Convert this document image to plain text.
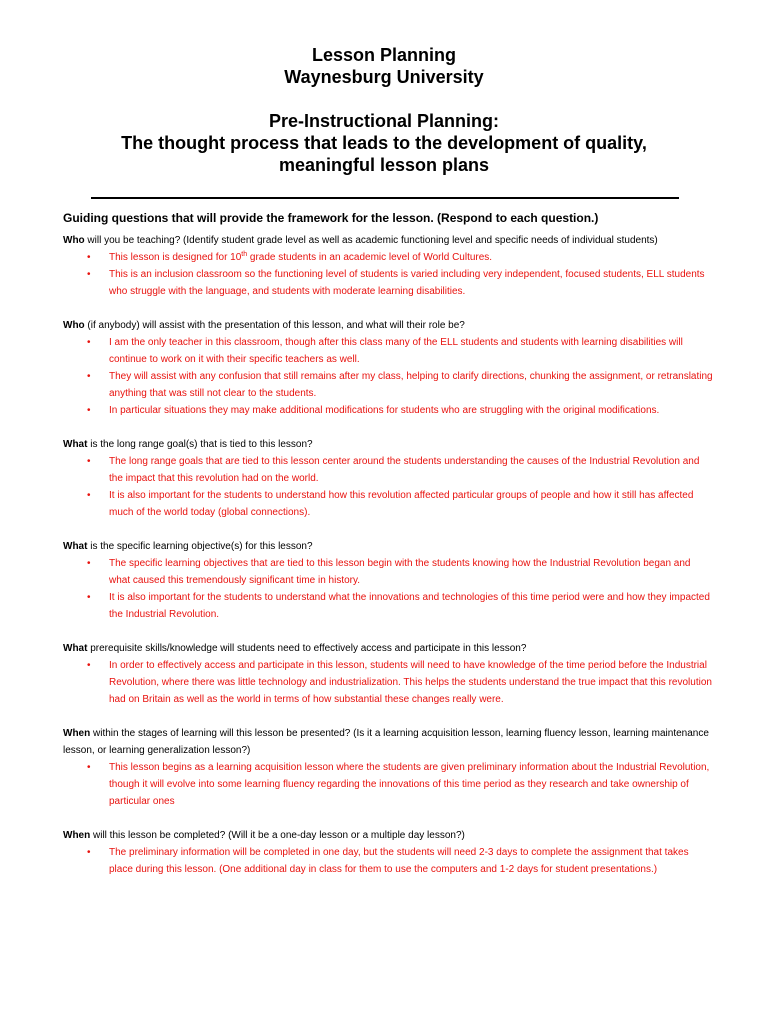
Lesson Planning
Waynesburg University
Pre-Instructional Planning:
The thought process that leads to the development of quality,
meaningful lesson plans
Guiding questions that will provide the framework for the lesson. (Respond to each question.)

Who will you be teaching? (Identify student grade level as well as academic functioning level and specific needs of individual students)

• This lesson is designed for 10th grade students in an academic level of World Cultures.
• This is an inclusion classroom so the functioning level of students is varied including very independent, focused students, ELL students who struggle with the language, and students with moderate learning disabilities.

Who (if anybody) will assist with the presentation of this lesson, and what will their role be?

• I am the only teacher in this classroom, though after this class many of the ELL students and students with learning disabilities will continue to work on it with their specific teachers as well.
• They will assist with any confusion that still remains after my class, helping to clarify directions, chunking the assignment, or retranslating anything that was still not clear to the students.
• In particular situations they may make additional modifications for students who are struggling with the original modifications.

What is the long range goal(s) that is tied to this lesson?

• The long range goals that are tied to this lesson center around the students understanding the causes of the Industrial Revolution and the impact that this revolution had on the world.
• It is also important for the students to understand how this revolution affected particular groups of people and how it still has affected much of the world today (global connections).

What is the specific learning objective(s) for this lesson?

• The specific learning objectives that are tied to this lesson begin with the students knowing how the Industrial Revolution began and what caused this tremendously significant time in history.
• It is also important for the students to understand what the innovations and technologies of this time period were and how they impacted the Industrial Revolution.

What prerequisite skills/knowledge will students need to effectively access and participate in this lesson?

• In order to effectively access and participate in this lesson, students will need to have knowledge of the time period before the Industrial Revolution, where there was little technology and industrialization. This helps the students understand the true impact that this revolution had on Britain as well as the world in terms of how substantial these changes really were.

When within the stages of learning will this lesson be presented? (Is it a learning acquisition lesson, learning fluency lesson, learning maintenance lesson, or learning generalization lesson?)

• This lesson begins as a learning acquisition lesson where the students are given preliminary information about the Industrial Revolution, though it will evolve into some learning fluency regarding the innovations of this time period as they research and take ownership of particular ones

When will this lesson be completed? (Will it be a one-day lesson or a multiple day lesson?)

• The preliminary information will be completed in one day, but the students will need 2-3 days to complete the assignment that takes place during this lesson. (One additional day in class for them to use the computers and 1-2 days for student presentations.)
